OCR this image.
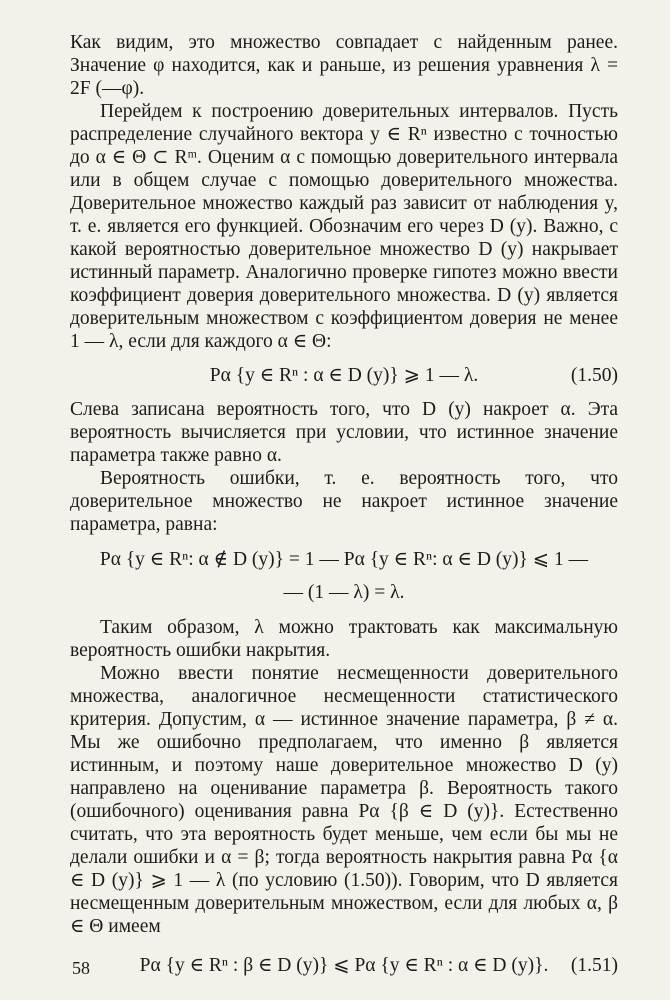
Как видим, это множество совпадает с найденным ранее. Значение φ находится, как и раньше, из решения уравнения λ = 2F (—φ).

Перейдем к построению доверительных интервалов. Пусть распределение случайного вектора y ∈ Rⁿ известно с точностью до α ∈ Θ ⊂ Rᵐ. Оценим α с помощью доверительного интервала или в общем случае с помощью доверительного множества. Доверительное множество каждый раз зависит от наблюдения y, т. е. является его функцией. Обозначим его через D (y). Важно, с какой вероятностью доверительное множество D (y) накрывает истинный параметр. Аналогично проверке гипотез можно ввести коэффициент доверия доверительного множества. D (y) является доверительным множеством с коэффициентом доверия не менее 1 — λ, если для каждого α ∈ Θ:

Pα {y ∈ Rⁿ : α ∈ D (y)} ⩾ 1 — λ.	(1.50)

Слева записана вероятность того, что D (y) накроет α. Эта вероятность вычисляется при условии, что истинное значение параметра также равно α.

Вероятность ошибки, т. е. вероятность того, что доверительное множество не накроет истинное значение параметра, равна:

Pα {y ∈ Rⁿ: α ∉ D (y)} = 1 — Pα {y ∈ Rⁿ: α ∈ D (y)} ⩽ 1 —
— (1 — λ) = λ.

Таким образом, λ можно трактовать как максимальную вероятность ошибки накрытия.

Можно ввести понятие несмещенности доверительного множества, аналогичное несмещенности статистического критерия. Допустим, α — истинное значение параметра, β ≠ α. Мы же ошибочно предполагаем, что именно β является истинным, и поэтому наше доверительное множество D (y) направлено на оценивание параметра β. Вероятность такого (ошибочного) оценивания равна Pα {β ∈ D (y)}. Естественно считать, что эта вероятность будет меньше, чем если бы мы не делали ошибки и α = β; тогда вероятность накрытия равна Pα {α ∈ D (y)} ⩾ 1 — λ (по условию (1.50)). Говорим, что D является несмещенным доверительным множеством, если для любых α, β ∈ Θ имеем

Pα {y ∈ Rⁿ : β ∈ D (y)} ⩽ Pα {y ∈ Rⁿ : α ∈ D (y)}.	(1.51)
58
